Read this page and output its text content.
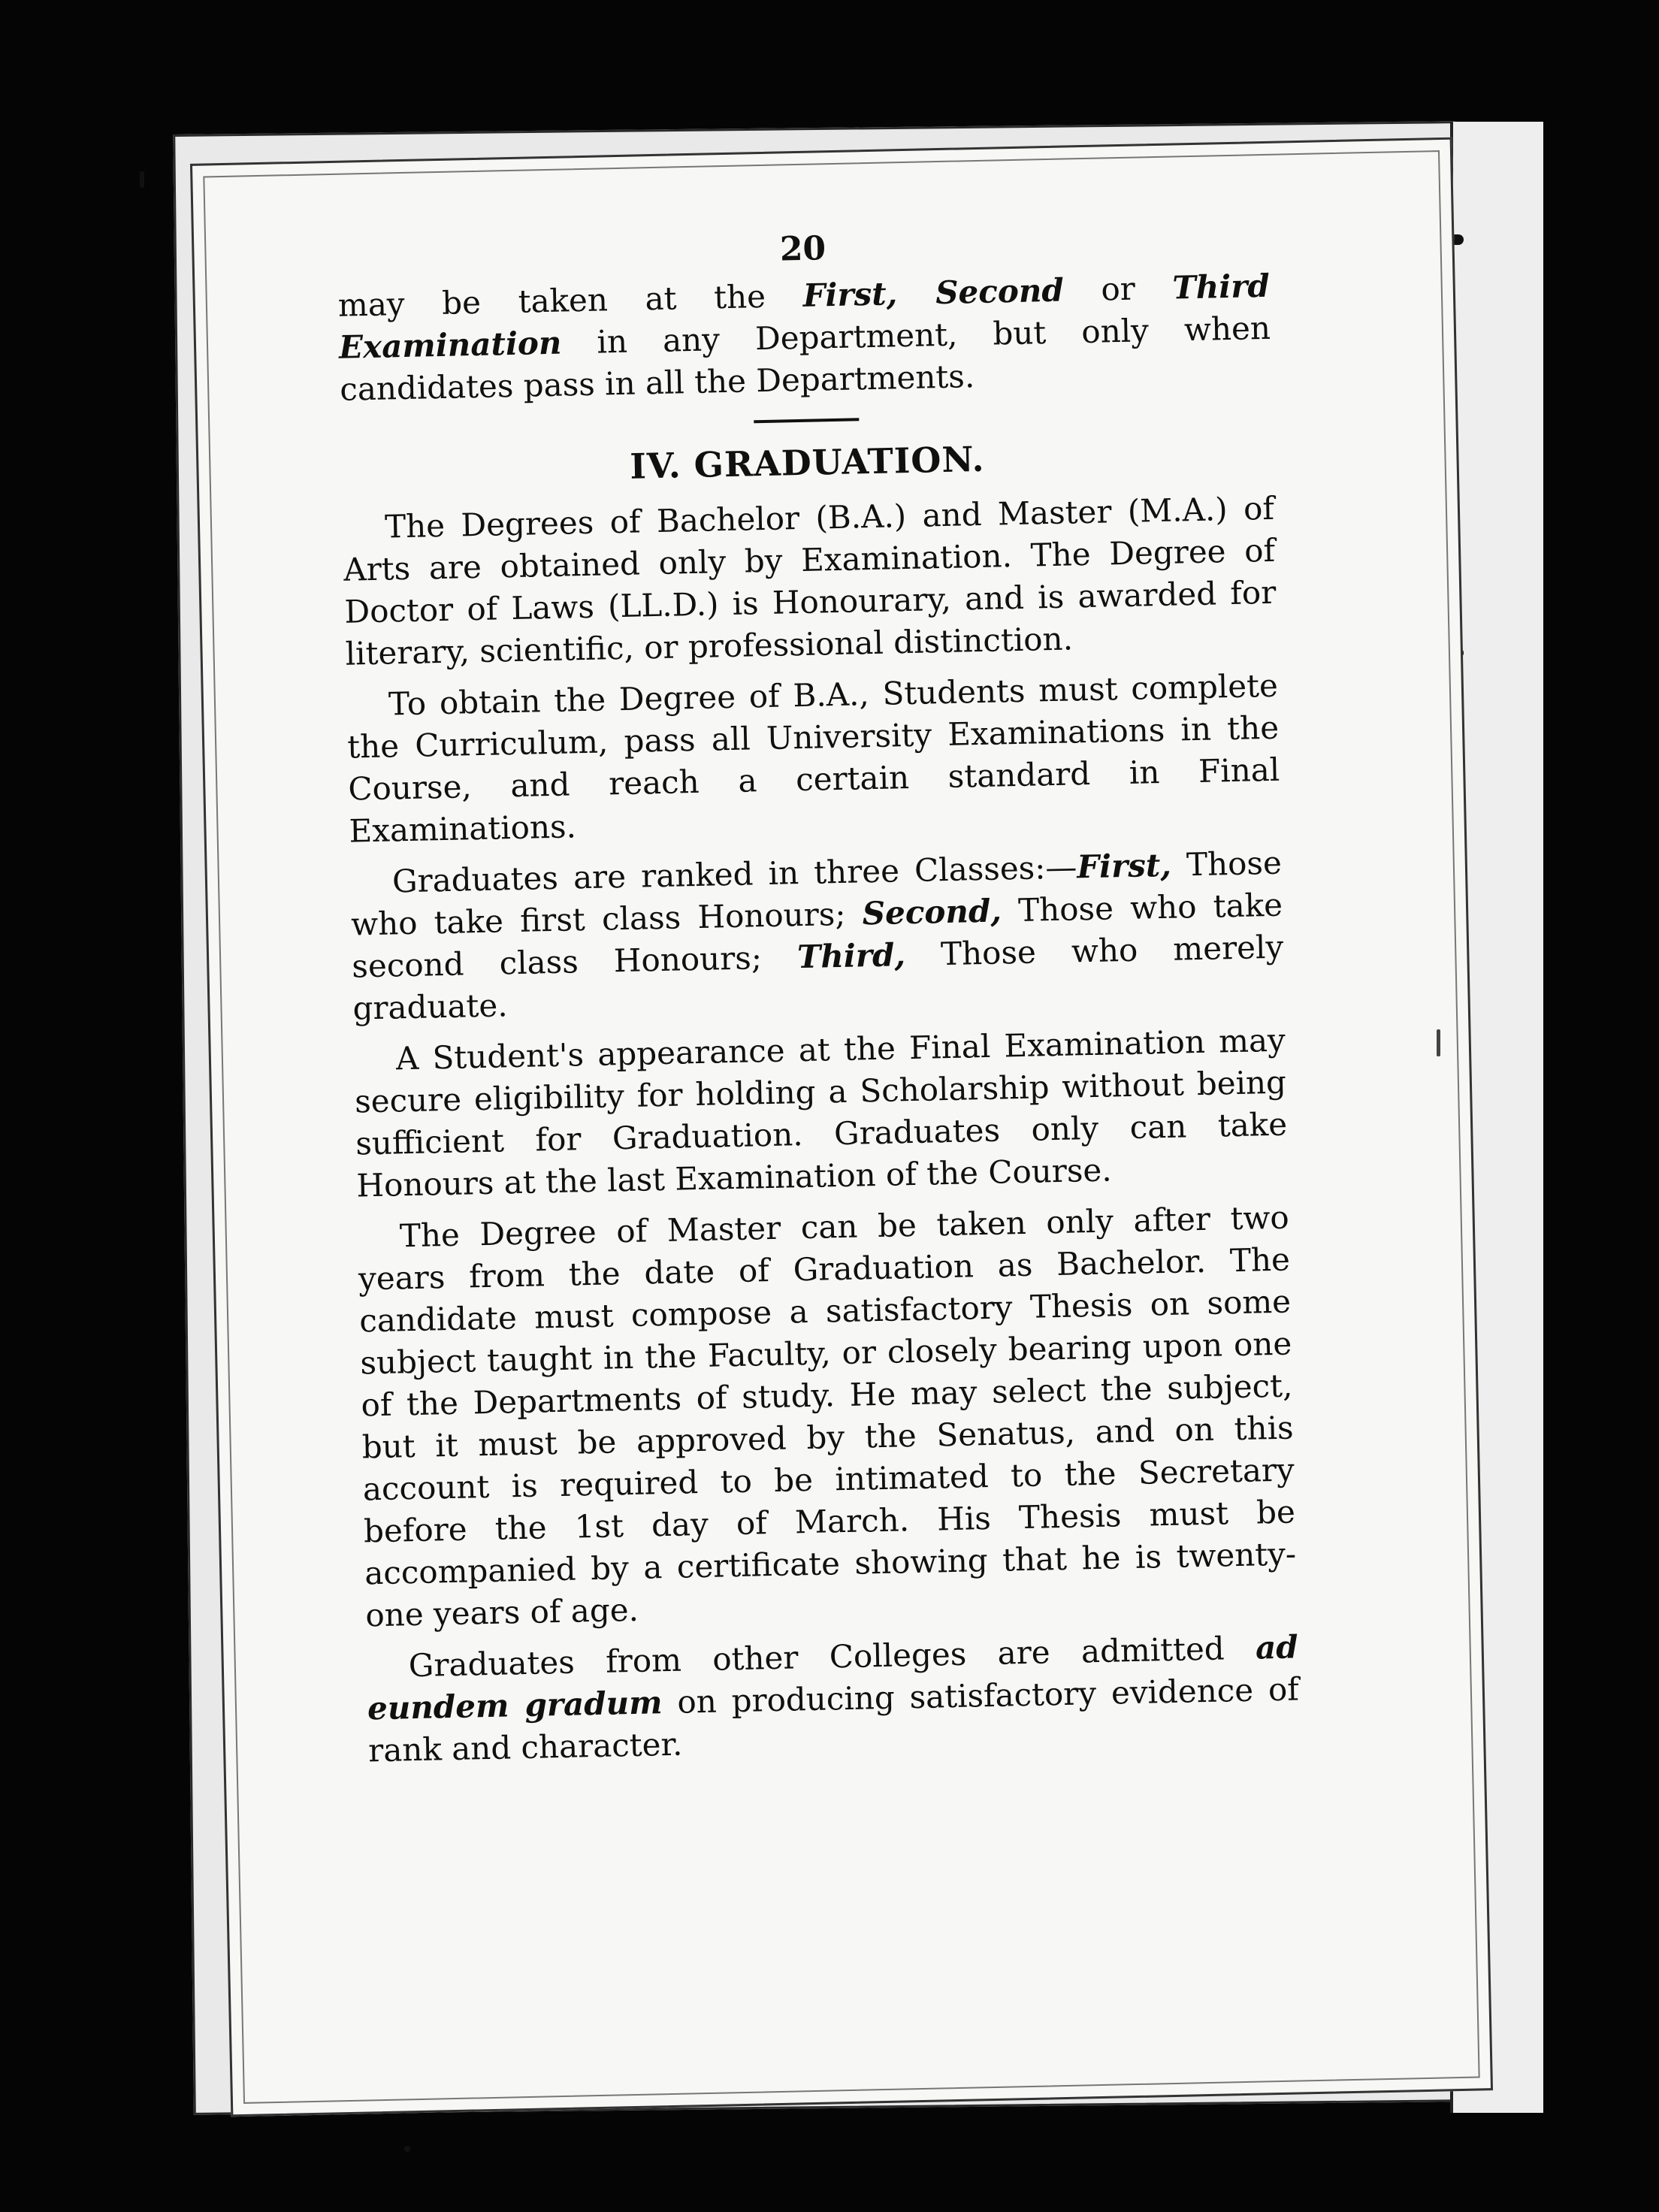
20

may be taken at the First, Second or Third Examination in any Department, but only when candidates pass in all the Departments.

IV. GRADUATION.

The Degrees of Bachelor (B.A.) and Master (M.A.) of Arts are obtained only by Examination. The Degree of Doctor of Laws (LL.D.) is Honourary, and is awarded for literary, scientific, or professional distinction.

To obtain the Degree of B.A., Students must complete the Curriculum, pass all University Examinations in the Course, and reach a certain standard in Final Examinations.

Graduates are ranked in three Classes:—First, Those who take first class Honours; Second, Those who take second class Honours; Third, Those who merely graduate.

A Student's appearance at the Final Examination may secure eligibility for holding a Scholarship without being sufficient for Graduation. Graduates only can take Honours at the last Examination of the Course.

The Degree of Master can be taken only after two years from the date of Graduation as Bachelor. The candidate must compose a satisfactory Thesis on some subject taught in the Faculty, or closely bearing upon one of the Departments of study. He may select the subject, but it must be approved by the Senatus, and on this account is required to be intimated to the Secretary before the 1st day of March. His Thesis must be accompanied by a certificate showing that he is twenty-one years of age.

Graduates from other Colleges are admitted ad eundem gradum on producing satisfactory evidence of rank and character.
